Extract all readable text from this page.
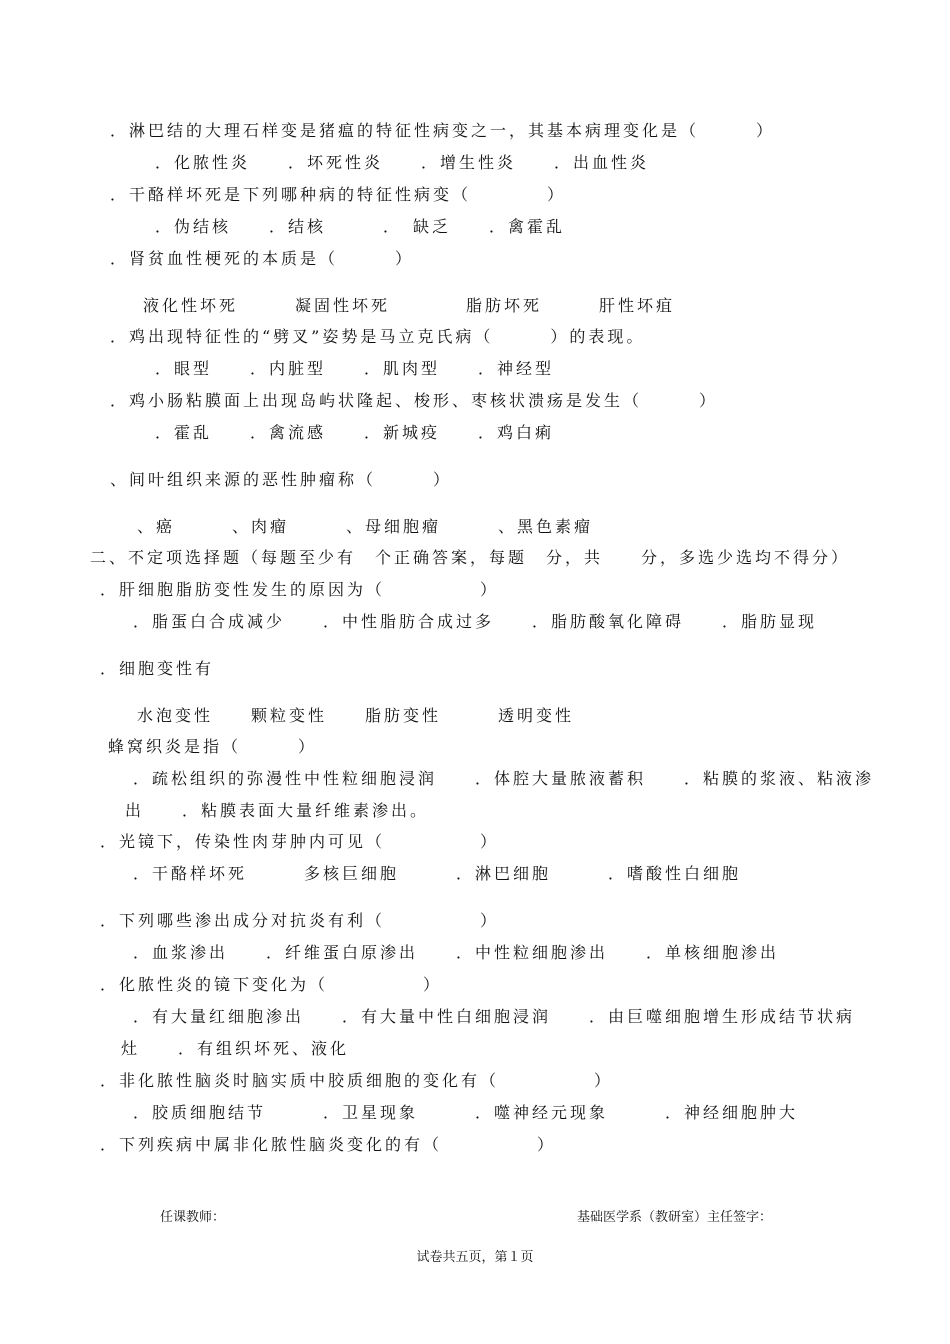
．淋巴结的大理石样变是猪瘟的特征性病变之一，其基本病理变化是（　　　）
．化脓性炎　　．坏死性炎　　．增生性炎　　．出血性炎
．干酪样坏死是下列哪种病的特征性病变（　　　　）
．伪结核　　．结核　　　．　缺乏　　．禽霍乱
．肾贫血性梗死的本质是（　　　）
液化性坏死　　　凝固性坏死　　　　脂肪坏死　　　肝性坏疽
．鸡出现特征性的“劈叉”姿势是马立克氏病（　　　）的表现。
．眼型　　．内脏型　　．肌肉型　　．神经型
．鸡小肠粘膜面上出现岛屿状隆起、梭形、枣核状溃疡是发生（　　　）
．霍乱　　．禽流感　　．新城疫　　．鸡白痢
、间叶组织来源的恶性肿瘤称（　　　）
、癌　　　、肉瘤　　　、母细胞瘤　　　、黑色素瘤
二、不定项选择题（每题至少有　个正确答案，每题　分，共　　分，多选少选均不得分）
．肝细胞脂肪变性发生的原因为（　　　　　）
．脂蛋白合成减少　　．中性脂肪合成过多　　．脂肪酸氧化障碍　　．脂肪显现
．细胞变性有
水泡变性　　颗粒变性　　脂肪变性　　　透明变性
蜂窝织炎是指（　　　）
．疏松组织的弥漫性中性粒细胞浸润　　．体腔大量脓液蓄积　　．粘膜的浆液、粘液渗
出　　．粘膜表面大量纤维素渗出。
．光镜下，传染性肉芽肿内可见（　　　　　）
．干酪样坏死　　　多核巨细胞　　　．淋巴细胞　　　．嗜酸性白细胞
．下列哪些渗出成分对抗炎有利（　　　　　）
．血浆渗出　　．纤维蛋白原渗出　　．中性粒细胞渗出　　．单核细胞渗出
．化脓性炎的镜下变化为（　　　　　）
．有大量红细胞渗出　　．有大量中性白细胞浸润　　．由巨噬细胞增生形成结节状病
灶　　．有组织坏死、液化
．非化脓性脑炎时脑实质中胶质细胞的变化有（　　　　　）
．胶质细胞结节　　　．卫星现象　　　．噬神经元现象　　　．神经细胞肿大
．下列疾病中属非化脓性脑炎变化的有（　　　　　）
任课教师：	基础医学系（教研室）主任签字：
试卷共五页，第１页
